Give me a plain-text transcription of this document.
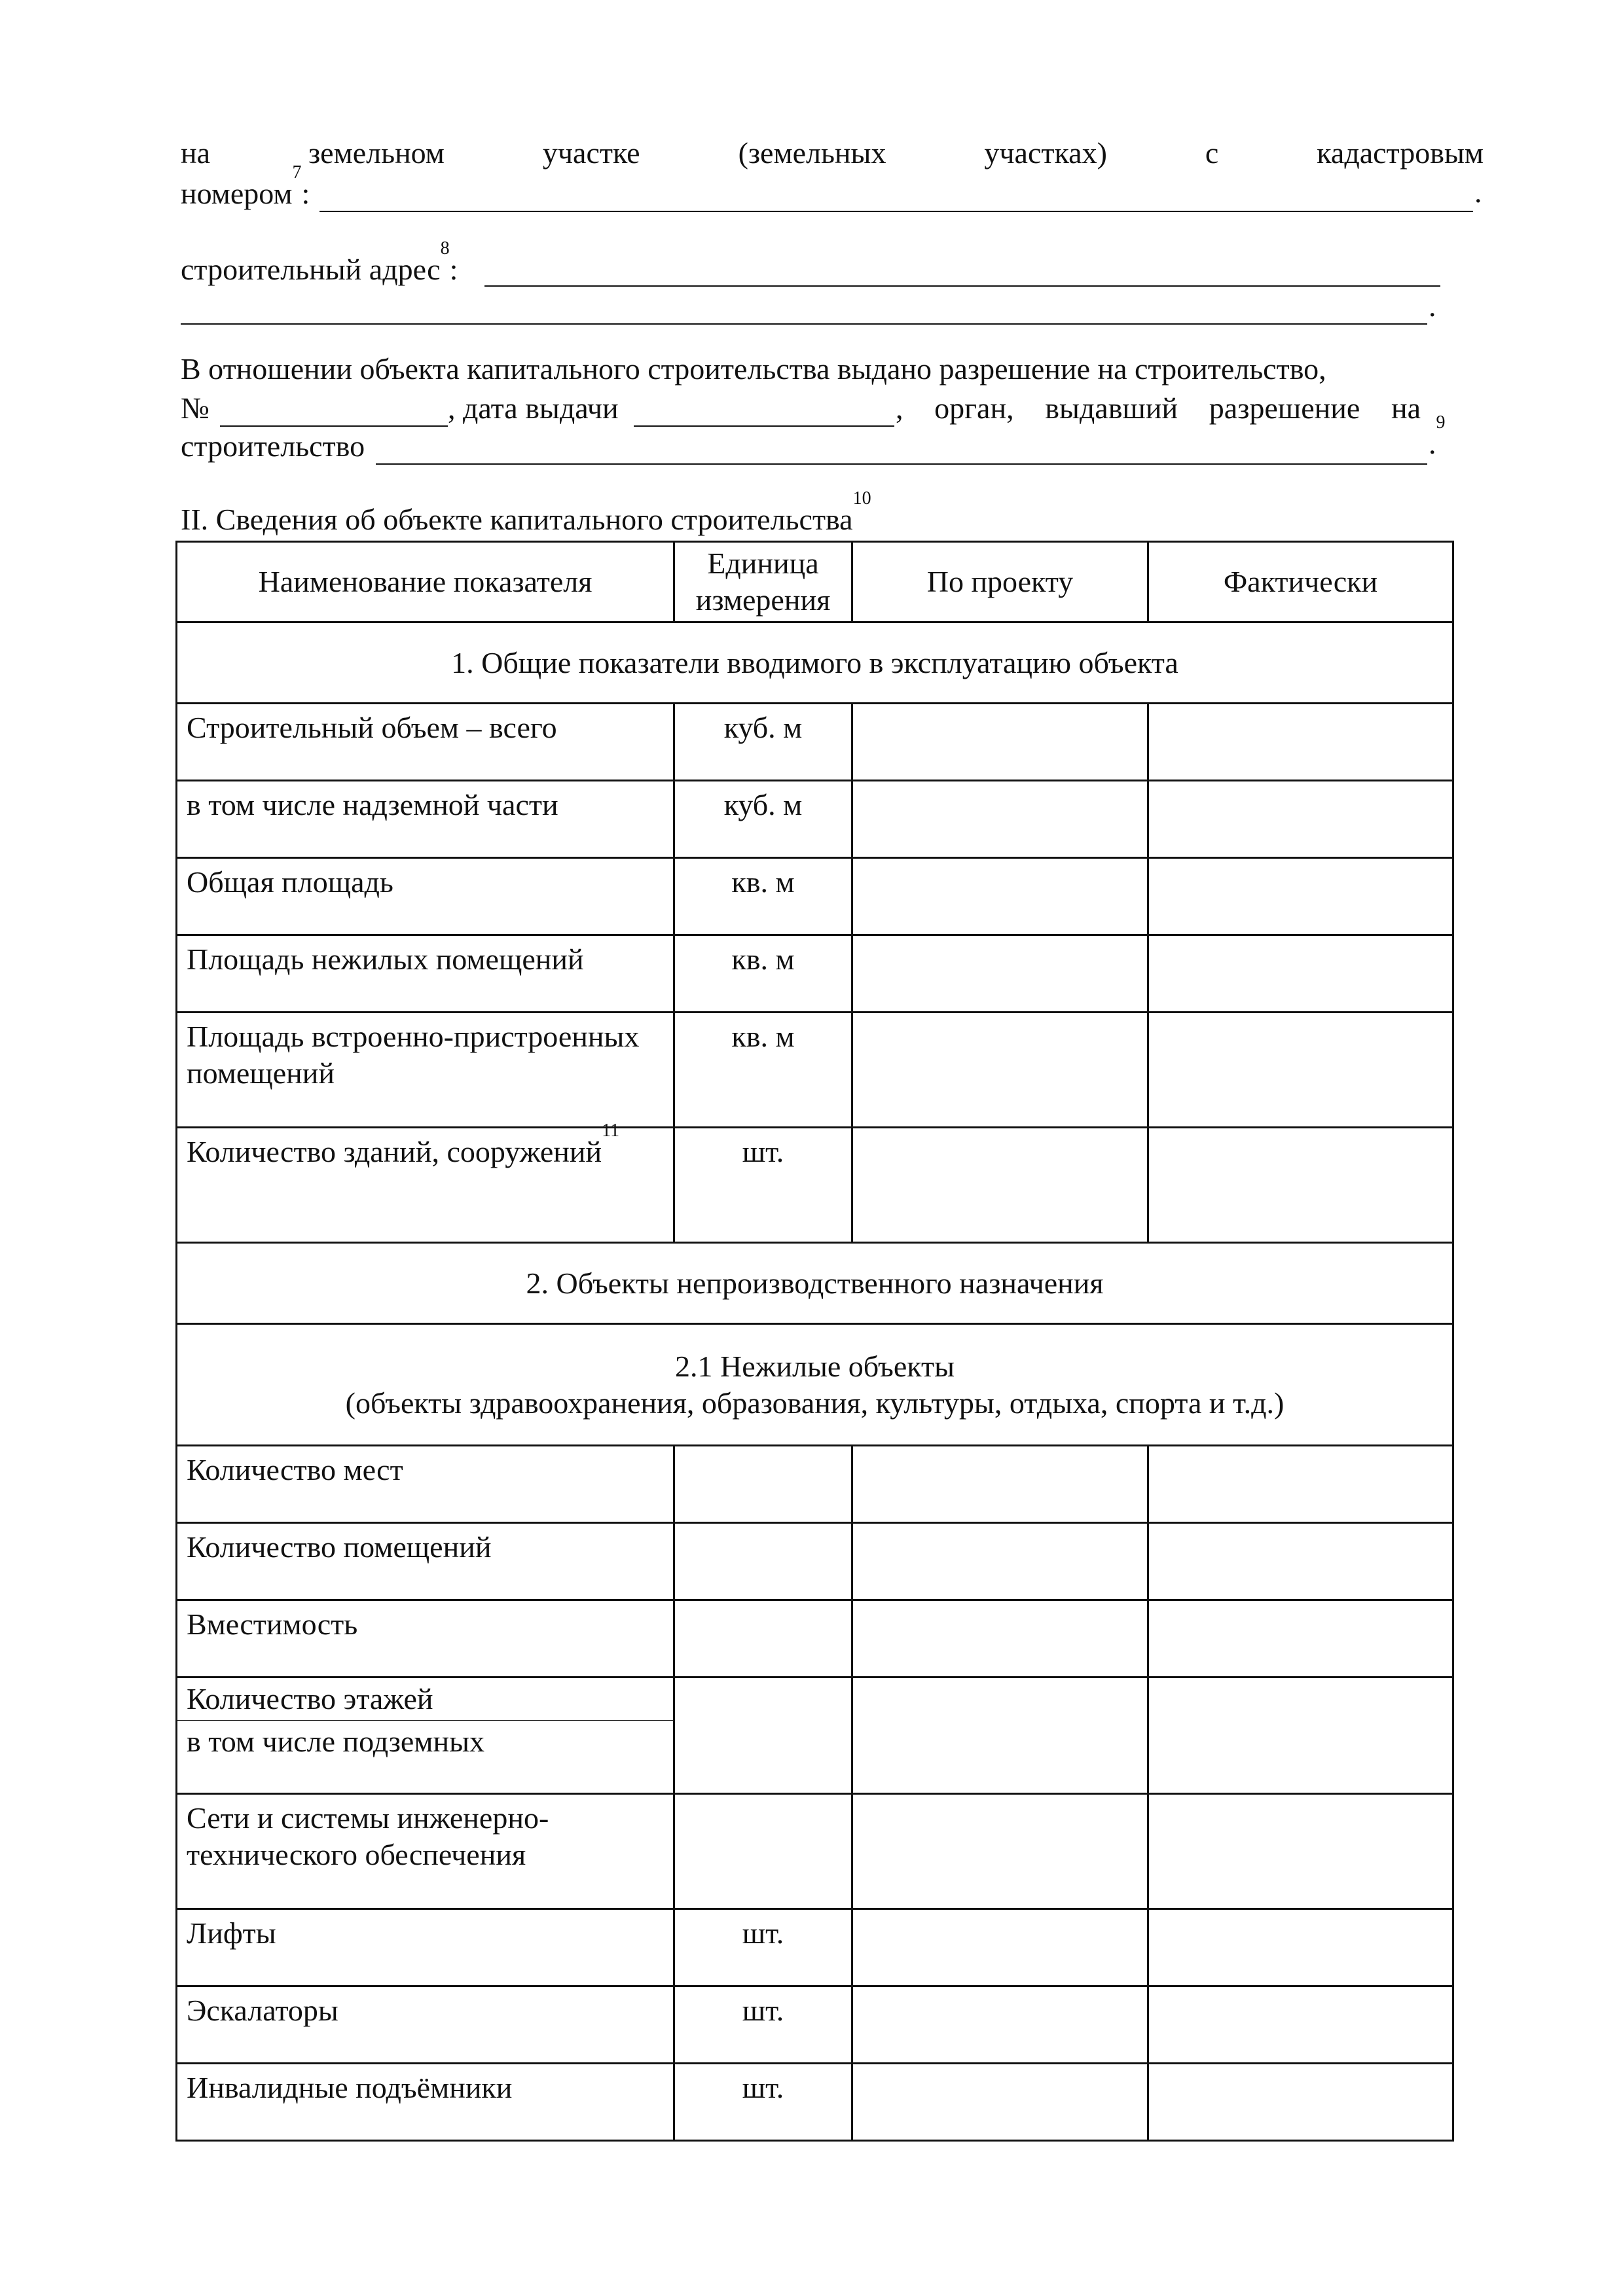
на	земельном	участке	(земельных	участках)	с	кадастровым
номером$^7$:	.
строительный адрес$^8$:
.
В отношении объекта капитального строительства выдано разрешение на строительство,
№	, дата выдачи	, орган, выдавший разрешение на
строительство	.$^9$
II. Сведения об объекте капитального строительства$^{10}$
Наименование показателя	Единица измерения	По проекту	Фактически
1. Общие показатели вводимого в эксплуатацию объекта			
Строительный объем – всего	куб. м		
в том числе надземной части	куб. м		
Общая площадь	кв. м		
Площадь нежилых помещений	кв. м		
Площадь встроенно-пристроенных помещений	кв. м		
Количество зданий, сооружений$^{11}$	шт.		
2. Объекты непроизводственного назначения			

2.1 Нежилые объекты
(объекты здравоохранения, образования, культуры, отдыха, спорта и т.д.)			

Количество мест			
Количество помещений			
Вместимость			
Количество этажей			
в том числе подземных			
Сети и системы инженерно-технического обеспечения			
Лифты	шт.		
Эскалаторы	шт.		
Инвалидные подъёмники	шт.		
